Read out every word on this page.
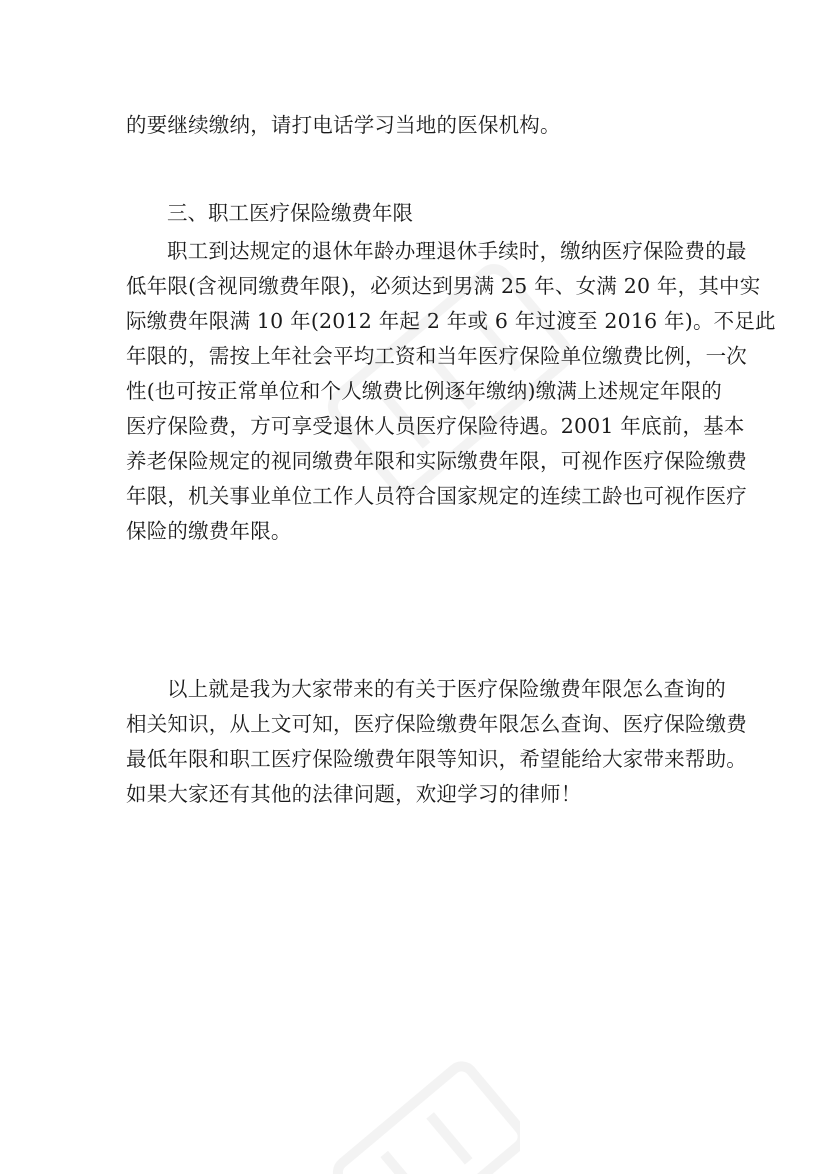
的要继续缴纳，请打电话学习当地的医保机构。
三、职工医疗保险缴费年限
职工到达规定的退休年龄办理退休手续时，缴纳医疗保险费的最
低年限(含视同缴费年限)，必须达到男满 25 年、女满 20 年，其中实
际缴费年限满 10 年(2012 年起 2 年或 6 年过渡至 2016 年)。不足此
年限的，需按上年社会平均工资和当年医疗保险单位缴费比例，一次
性(也可按正常单位和个人缴费比例逐年缴纳)缴满上述规定年限的
医疗保险费，方可享受退休人员医疗保险待遇。2001 年底前，基本
养老保险规定的视同缴费年限和实际缴费年限，可视作医疗保险缴费
年限，机关事业单位工作人员符合国家规定的连续工龄也可视作医疗
保险的缴费年限。
以上就是我为大家带来的有关于医疗保险缴费年限怎么查询的
相关知识，从上文可知，医疗保险缴费年限怎么查询、医疗保险缴费
最低年限和职工医疗保险缴费年限等知识，希望能给大家带来帮助。
如果大家还有其他的法律问题，欢迎学习的律师！
